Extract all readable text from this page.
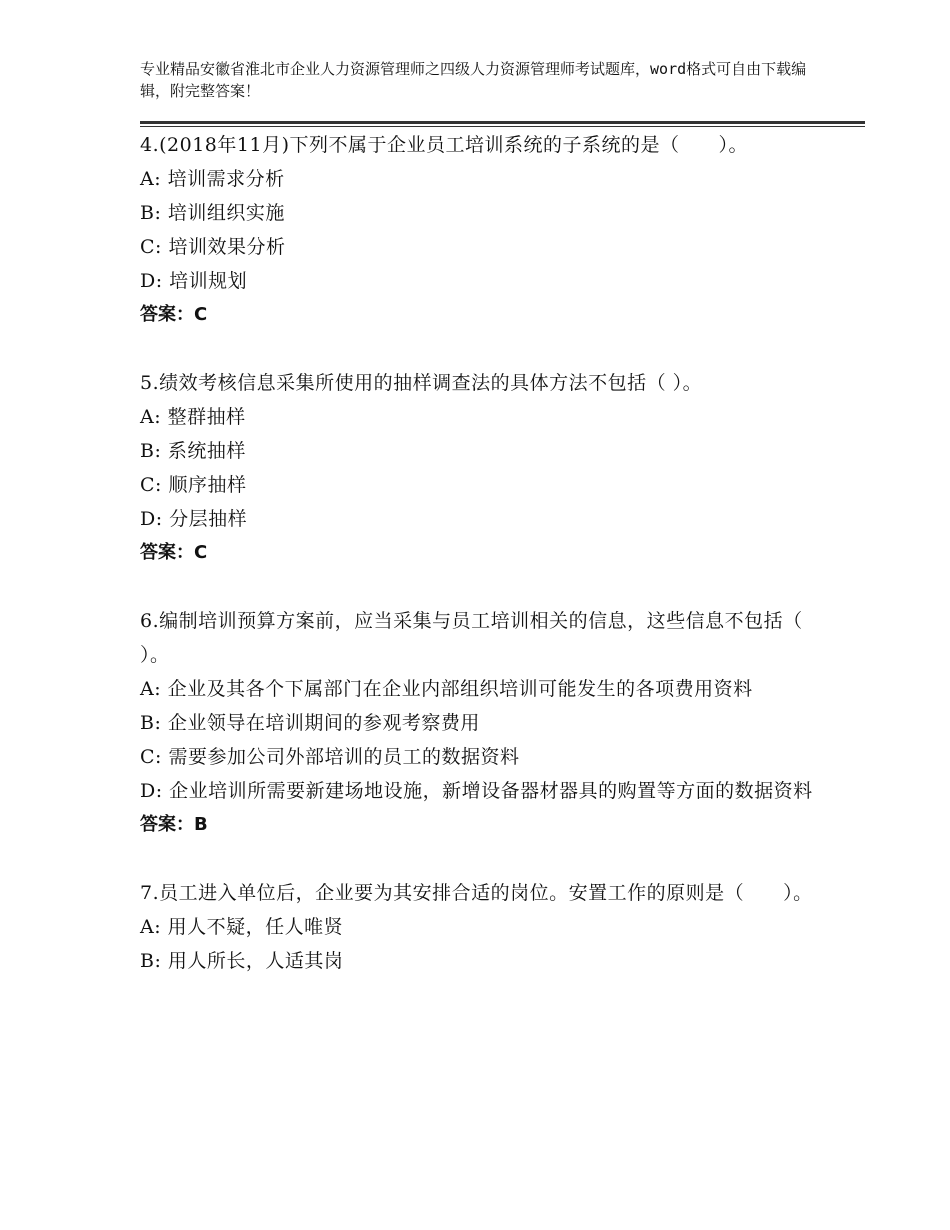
专业精品安徽省淮北市企业人力资源管理师之四级人力资源管理师考试题库，word格式可自由下载编辑，附完整答案！

4.(2018年11月)下列不属于企业员工培训系统的子系统的是（　　）。

A: 培训需求分析

B: 培训组织实施

C: 培训效果分析

D: 培训规划

答案：C

5.绩效考核信息采集所使用的抽样调查法的具体方法不包括（ ）。

A: 整群抽样

B: 系统抽样

C: 顺序抽样

D: 分层抽样

答案：C

6.编制培训预算方案前，应当采集与员工培训相关的信息，这些信息不包括（　　）。

A: 企业及其各个下属部门在企业内部组织培训可能发生的各项费用资料

B: 企业领导在培训期间的参观考察费用

C: 需要参加公司外部培训的员工的数据资料

D: 企业培训所需要新建场地设施，新增设备器材器具的购置等方面的数据资料

答案：B

7.员工进入单位后，企业要为其安排合适的岗位。安置工作的原则是（　　）。

A: 用人不疑，任人唯贤

B: 用人所长，人适其岗
